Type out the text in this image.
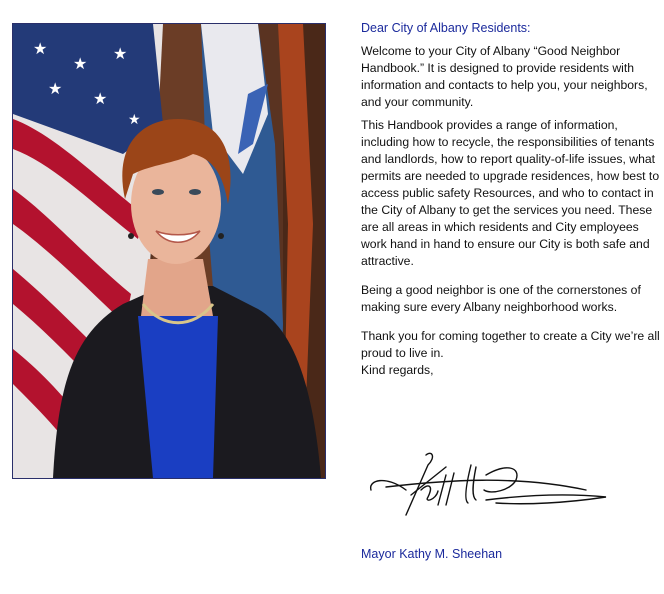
★
★
★
★
★
★

Dear City of Albany Residents:

Welcome to your City of Albany “Good Neighbor Handbook.” It is designed to provide residents with information and contacts to help you, your neighbors, and your community.

This Handbook provides a range of information, including how to recycle, the responsibilities of tenants and landlords, how to report quality-of-life issues, what permits are needed to upgrade residences, how best to access public safety Resources, and who to contact in the City of Albany to get the services you need. These are all areas in which residents and City employees work hand in hand to ensure our City is both safe and attractive.

Being a good neighbor is one of the cornerstones of making sure every Albany neighborhood works.

Thank you for coming together to create a City we’re all proud to live in.

Kind regards,

Mayor Kathy M. Sheehan
